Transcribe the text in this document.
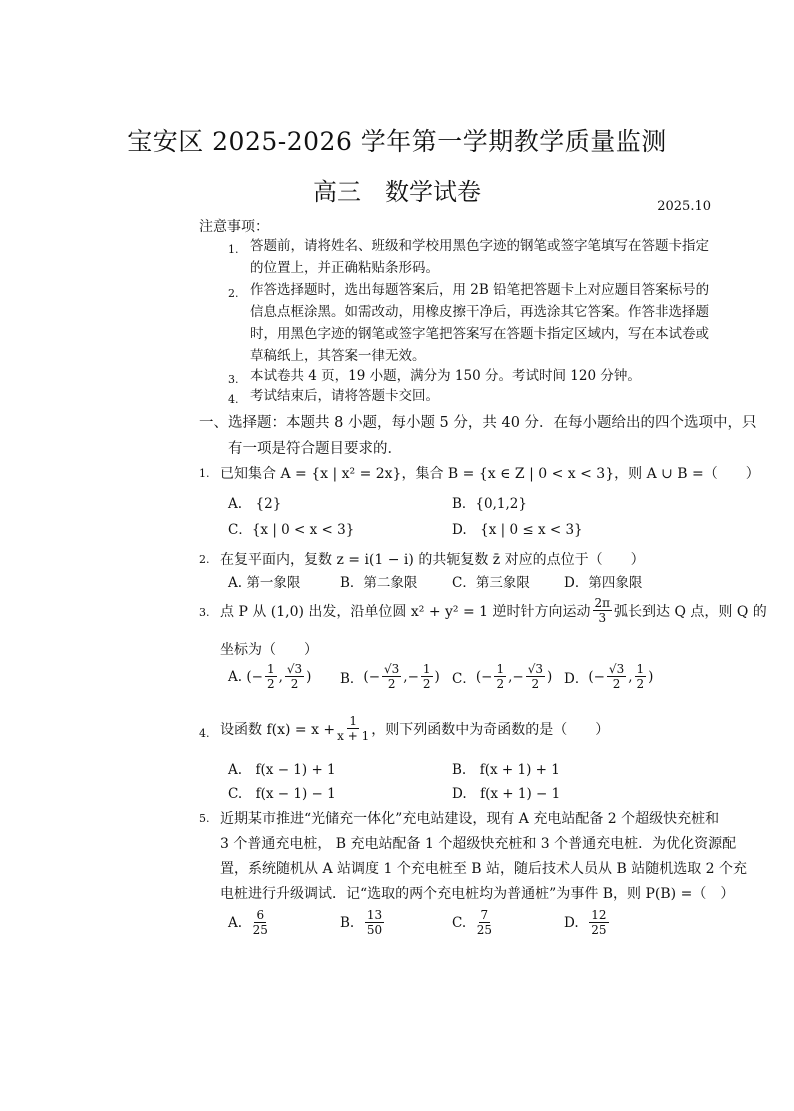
宝安区 2025-2026 学年第一学期教学质量监测
高三　数学试卷
2025.10
注意事项：
1. 答题前，请将姓名、班级和学校用黑色字迹的钢笔或签字笔填写在答题卡指定
的位置上，并正确粘贴条形码。
2. 作答选择题时，选出每题答案后，用 2B 铅笔把答题卡上对应题目答案标号的
信息点框涂黑。如需改动，用橡皮擦干净后，再选涂其它答案。作答非选择题
时，用黑色字迹的钢笔或签字笔把答案写在答题卡指定区域内，写在本试卷或
草稿纸上，其答案一律无效。
3. 本试卷共 4 页，19 小题，满分为 150 分。考试时间 120 分钟。
4. 考试结束后，请将答题卡交回。
一、选择题：本题共 8 小题，每小题 5 分，共 40 分．在每小题给出的四个选项中，只
有一项是符合题目要求的．
1. 已知集合 A = {x | x² = 2x}，集合 B = {x ∈ Z | 0 < x < 3}，则 A ∪ B =（　　）
A.　{2}	B．{0,1,2}
C．{x | 0 < x < 3}	D.　{x | 0 ≤ x < 3}
2. 在复平面内，复数 z = i(1 − i) 的共轭复数 z̄ 对应的点位于（　　）
A. 第一象限	B．第二象限	C．第三象限	D．第四象限
3. 点 P 从 (1,0) 出发，沿单位圆 x² + y² = 1 逆时针方向运动 $\frac{2\pi}{3}$ 弧长到达 Q 点，则 Q 的
坐标为（　　）
A.
(− $\frac{1}{2}$ , $\frac{√3}{2}$ ) B． (− $\frac{√3}{2}$ ,− $\frac{1}{2}$ ) C． (− $\frac{1}{2}$ ,− $\frac{√3}{2}$ ) D． (− $\frac{√3}{2}$ , $\frac{1}{2}$ )
4. 设函数 $f(x) = x + \frac{1}{x + 1}$ ，则下列函数中为奇函数的是（　　）
A.　f(x − 1) + 1	B.　f(x + 1) + 1
C.　f(x − 1) − 1	D.　f(x + 1) − 1
5. 近期某市推进“光储充一体化”充电站建设，现有 A 充电站配备 2 个超级快充桩和
3 个普通充电桩， B 充电站配备 1 个超级快充桩和 3 个普通充电桩．为优化资源配
置，系统随机从 A 站调度 1 个充电桩至 B 站，随后技术人员从 B 站随机选取 2 个充
电桩进行升级调试．记“选取的两个充电桩均为普通桩”为事件 B，则 P(B) =（　）
A.
$\frac{6}{25}$	B.
$\frac{13}{50}$	C.
$\frac{7}{25}$	D.
$\frac{12}{25}$
